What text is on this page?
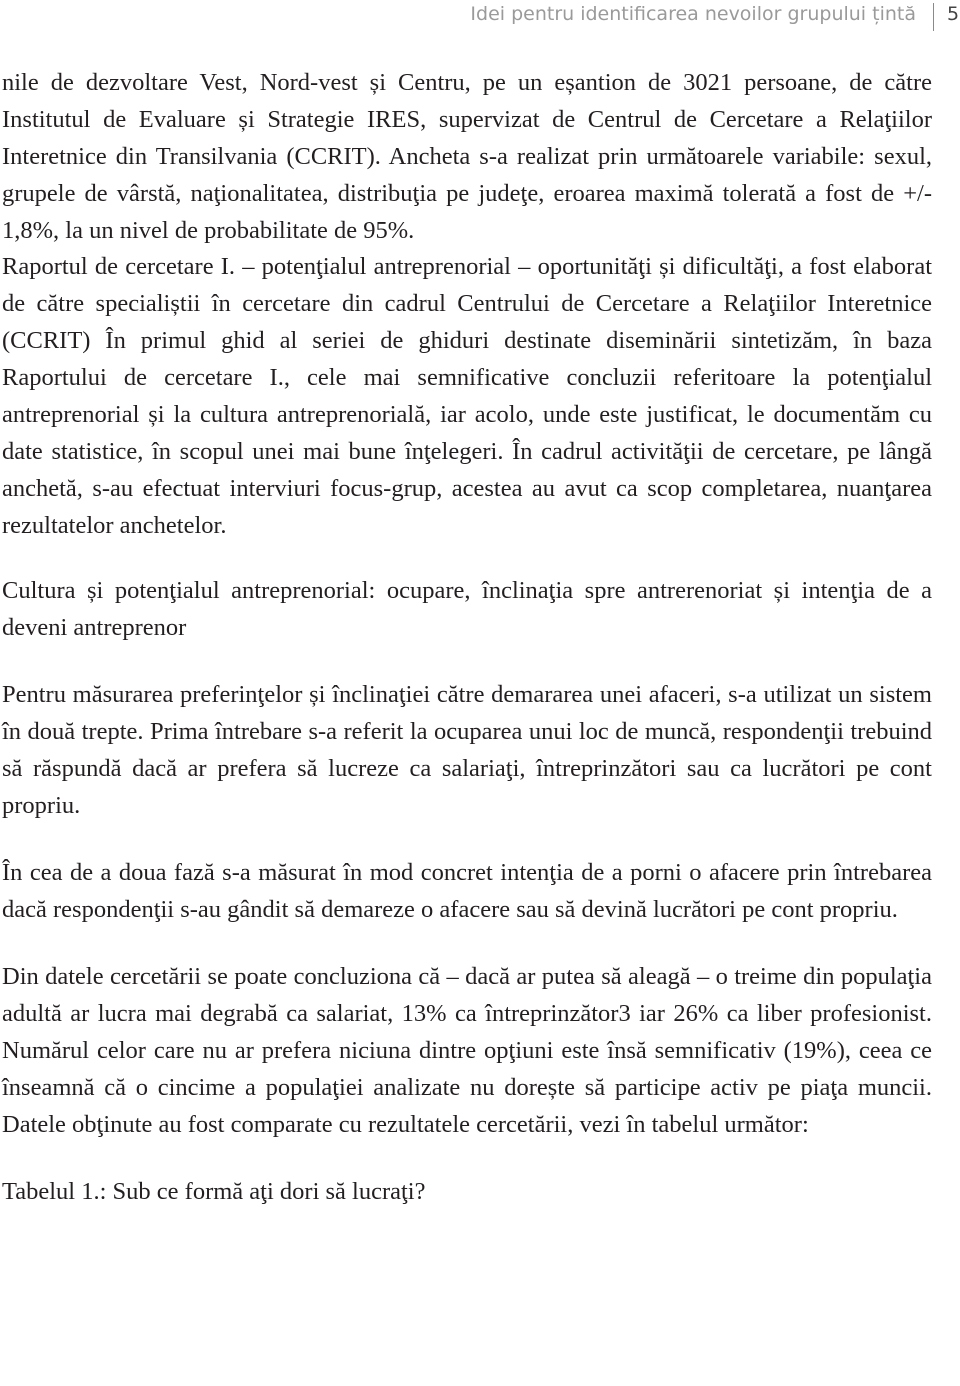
Idei pentru identificarea nevoilor grupului țintă 5

nile de dezvoltare Vest, Nord-vest și Centru, pe un eșantion de 3021 persoane, de către Institutul de Evaluare și Strategie IRES, supervizat de Centrul de Cercetare a Relaţiilor Interetnice din Transilvania (CCRIT). Ancheta s-a realizat prin următoarele variabile: sexul, grupele de vârstă, naţionalitatea, distribuţia pe judeţe, eroarea maximă tolerată a fost de +/- 1,8%, la un nivel de probabilitate de 95%.

Raportul de cercetare I. – potenţialul antreprenorial – oportunităţi și dificultăţi, a fost elaborat de către specialiștii în cercetare din cadrul Centrului de Cercetare a Relaţiilor Interetnice (CCRIT) În primul ghid al seriei de ghiduri destinate diseminării sintetizăm, în baza Raportului de cercetare I., cele mai semnificative concluzii referitoare la potenţialul antreprenorial și la cultura antreprenorială, iar acolo, unde este justificat, le documentăm cu date statistice, în scopul unei mai bune înţelegeri. În cadrul activităţii de cercetare, pe lângă anchetă, s-au efectuat interviuri focus-grup, acestea au avut ca scop completarea, nuanţarea rezultatelor anchetelor.

Cultura și potenţialul antreprenorial: ocupare, înclinaţia spre antrerenoriat și intenţia de a deveni antreprenor

Pentru măsurarea preferinţelor și înclinaţiei către demararea unei afaceri, s-a utilizat un sistem în două trepte. Prima întrebare s-a referit la ocuparea unui loc de muncă, respondenţii trebuind să răspundă dacă ar prefera să lucreze ca salariaţi, întreprinzători sau ca lucrători pe cont propriu.

În cea de a doua fază s-a măsurat în mod concret intenţia de a porni o afacere prin întrebarea dacă respondenţii s-au gândit să demareze o afacere sau să devină lucrători pe cont propriu.

Din datele cercetării se poate concluziona că – dacă ar putea să aleagă – o treime din populaţia adultă ar lucra mai degrabă ca salariat, 13% ca întreprinzător3 iar 26% ca liber profesionist. Numărul celor care nu ar prefera niciuna dintre opţiuni este însă semnificativ (19%), ceea ce înseamnă că o cincime a populaţiei analizate nu dorește să participe activ pe piaţa muncii. Datele obţinute au fost comparate cu rezultatele cercetării, vezi în tabelul următor:

Tabelul 1.: Sub ce formă aţi dori să lucraţi?
